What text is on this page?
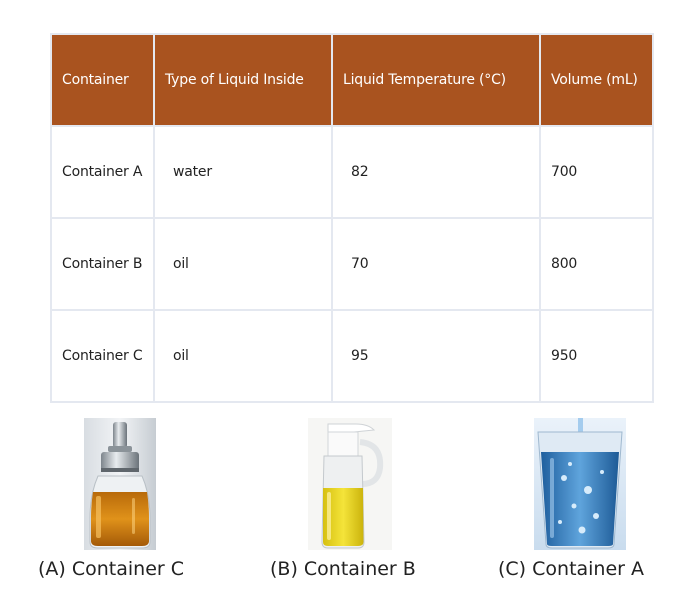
Container	Type of Liquid Inside	Liquid Temperature (°C)	Volume (mL)
Container A	water	82	700
Container B	oil	70	800
Container C	oil	95	950
(A) Container C	(B) Container B	(C) Container A
